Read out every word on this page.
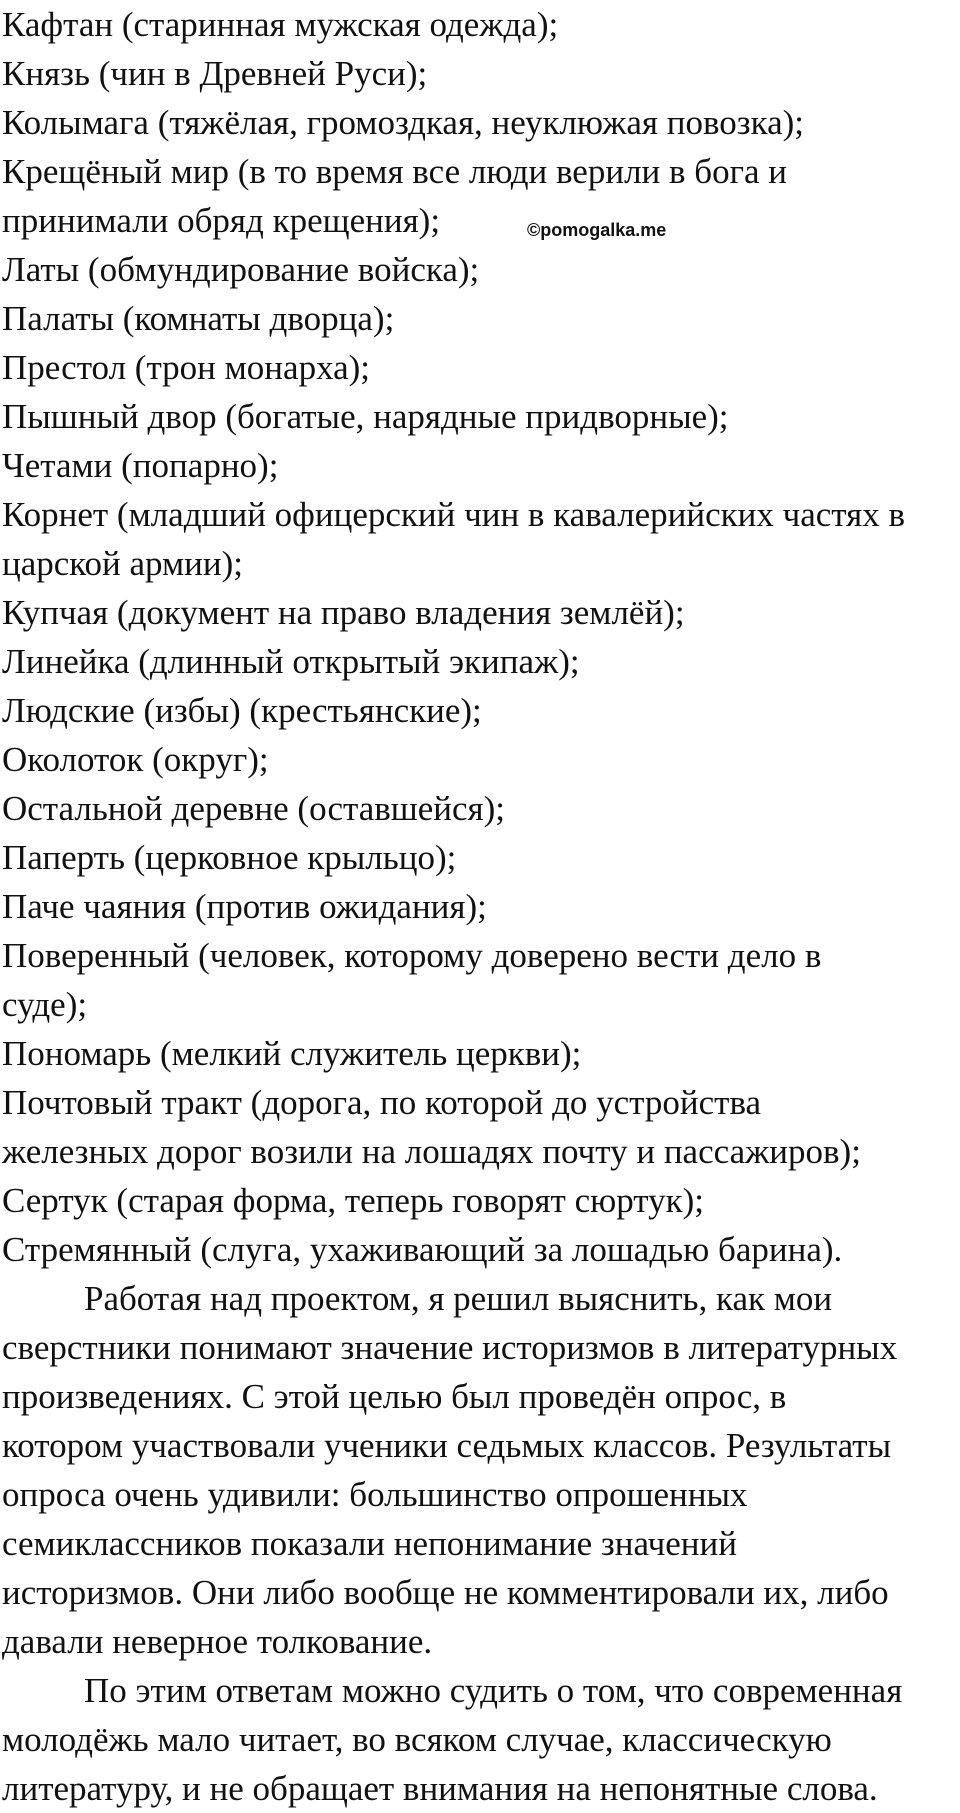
Кафтан (старинная мужская одежда);

Князь (чин в Древней Руси);

Колымага (тяжёлая, громоздкая, неуклюжая повозка);

Крещёный мир (в то время все люди верили в бога и

принимали обряд крещения);	©pomogalka.me

Латы (обмундирование войска);

Палаты (комнаты дворца);

Престол (трон монарха);

Пышный двор (богатые, нарядные придворные);

Четами (попарно);

Корнет (младший офицерский чин в кавалерийских частях в

царской армии);

Купчая (документ на право владения землёй);

Линейка (длинный открытый экипаж);

Людские (избы) (крестьянские);

Околоток (округ);

Остальной деревне (оставшейся);

Паперть (церковное крыльцо);

Паче чаяния (против ожидания);

Поверенный (человек, которому доверено вести дело в

суде);

Пономарь (мелкий служитель церкви);

Почтовый тракт (дорога, по которой до устройства

железных дорог возили на лошадях почту и пассажиров);

Сертук (старая форма, теперь говорят сюртук);

Стремянный (слуга, ухаживающий за лошадью барина).

Работая над проектом, я решил выяснить, как мои

сверстники понимают значение историзмов в литературных

произведениях. С этой целью был проведён опрос, в

котором участвовали ученики седьмых классов. Результаты

опроса очень удивили: большинство опрошенных

семиклассников показали непонимание значений

историзмов. Они либо вообще не комментировали их, либо

давали неверное толкование.

По этим ответам можно судить о том, что современная

молодёжь мало читает, во всяком случае, классическую

литературу, и не обращает внимания на непонятные слова.
